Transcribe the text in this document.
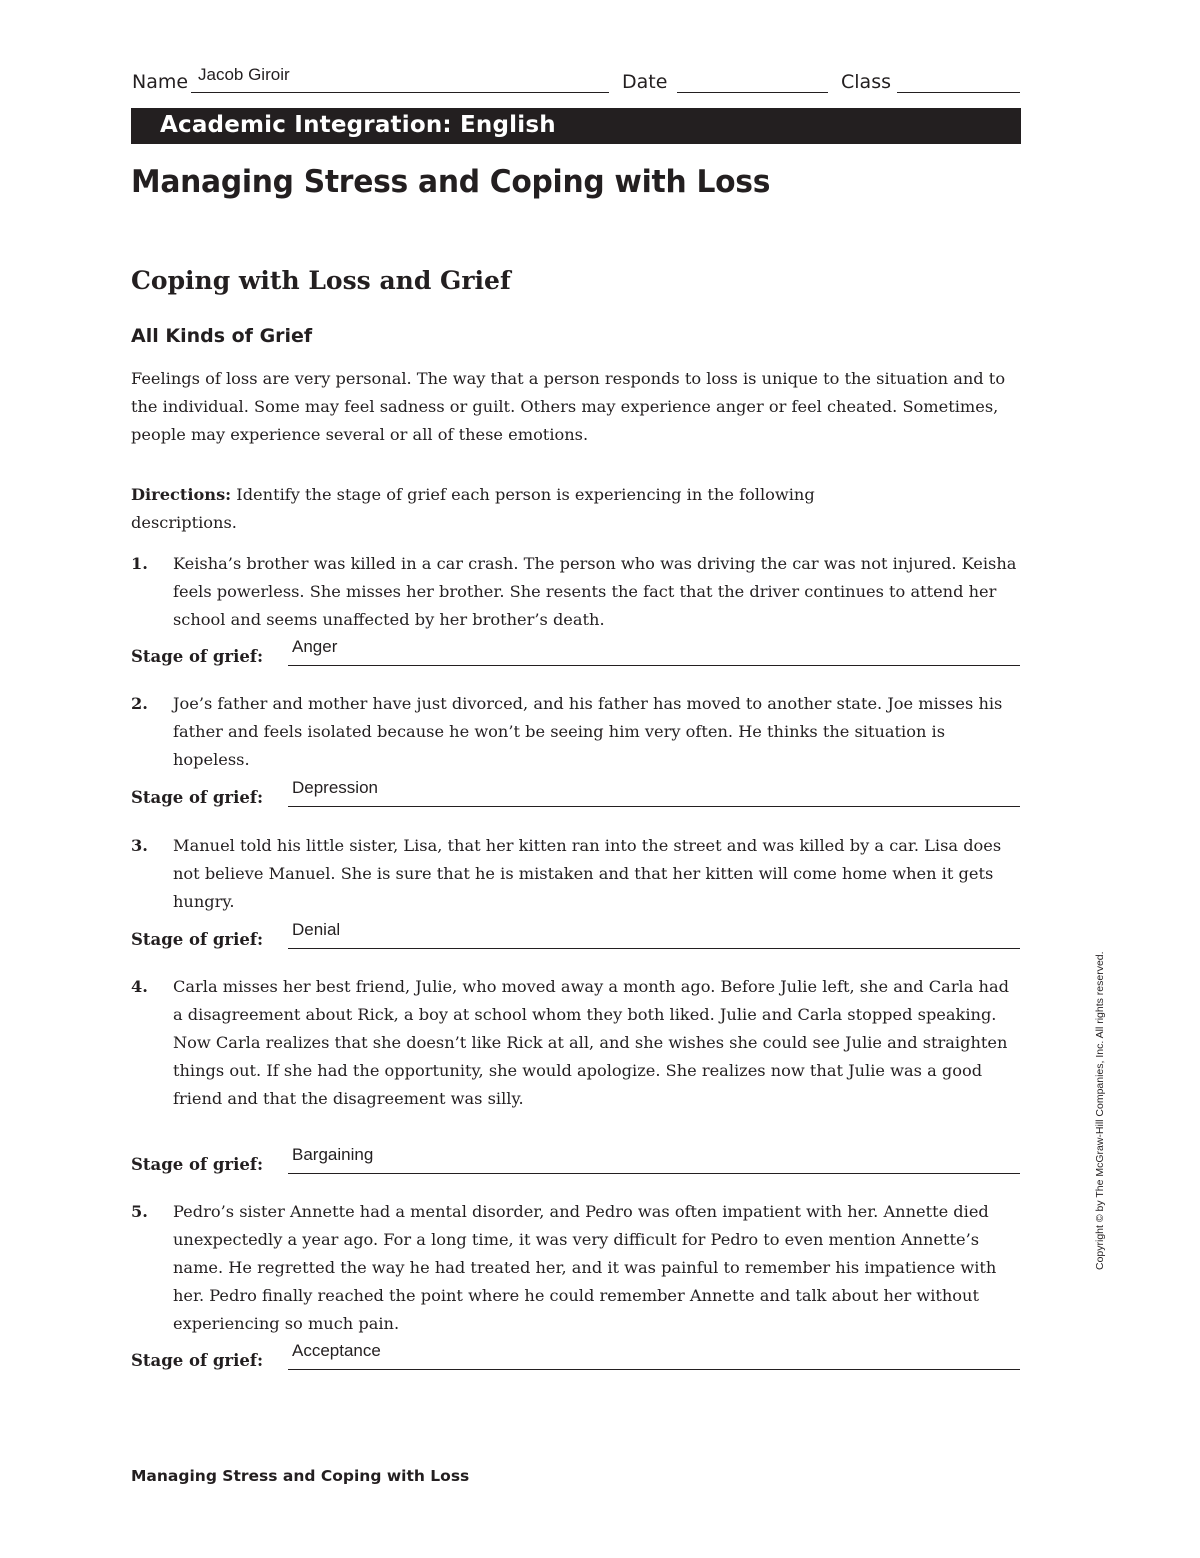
Name Jacob Giroir	Date	Class
Academic Integration: English
Managing Stress and Coping with Loss
Coping with Loss and Grief
All Kinds of Grief
Feelings of loss are very personal. The way that a person responds to loss is unique to the situation and to the individual. Some may feel sadness or guilt. Others may experience anger or feel cheated. Sometimes, people may experience several or all of these emotions.
Directions: Identify the stage of grief each person is experiencing in the following descriptions.
1. Keisha’s brother was killed in a car crash. The person who was driving the car was not injured. Keisha feels powerless. She misses her brother. She resents the fact that the driver continues to attend her school and seems unaffected by her brother’s death.
Stage of grief:
Anger
2. Joe’s father and mother have just divorced, and his father has moved to another state. Joe misses his father and feels isolated because he won’t be seeing him very often. He thinks the situation is hopeless.
Stage of grief:
Depression
3. Manuel told his little sister, Lisa, that her kitten ran into the street and was killed by a car. Lisa does not believe Manuel. She is sure that he is mistaken and that her kitten will come home when it gets hungry.
Stage of grief:
Denial
4. Carla misses her best friend, Julie, who moved away a month ago. Before Julie left, she and Carla had a disagreement about Rick, a boy at school whom they both liked. Julie and Carla stopped speaking. Now Carla realizes that she doesn’t like Rick at all, and she wishes she could see Julie and straighten things out. If she had the opportunity, she would apologize. She realizes now that Julie was a good friend and that the disagreement was silly.
Stage of grief:
Bargaining
5. Pedro’s sister Annette had a mental disorder, and Pedro was often impatient with her. Annette died unexpectedly a year ago. For a long time, it was very difficult for Pedro to even mention Annette’s name. He regretted the way he had treated her, and it was painful to remember his impatience with her. Pedro finally reached the point where he could remember Annette and talk about her without experiencing so much pain.
Stage of grief:
Acceptance
Copyright © by The McGraw-Hill Companies, Inc. All rights reserved.
Managing Stress and Coping with Loss
